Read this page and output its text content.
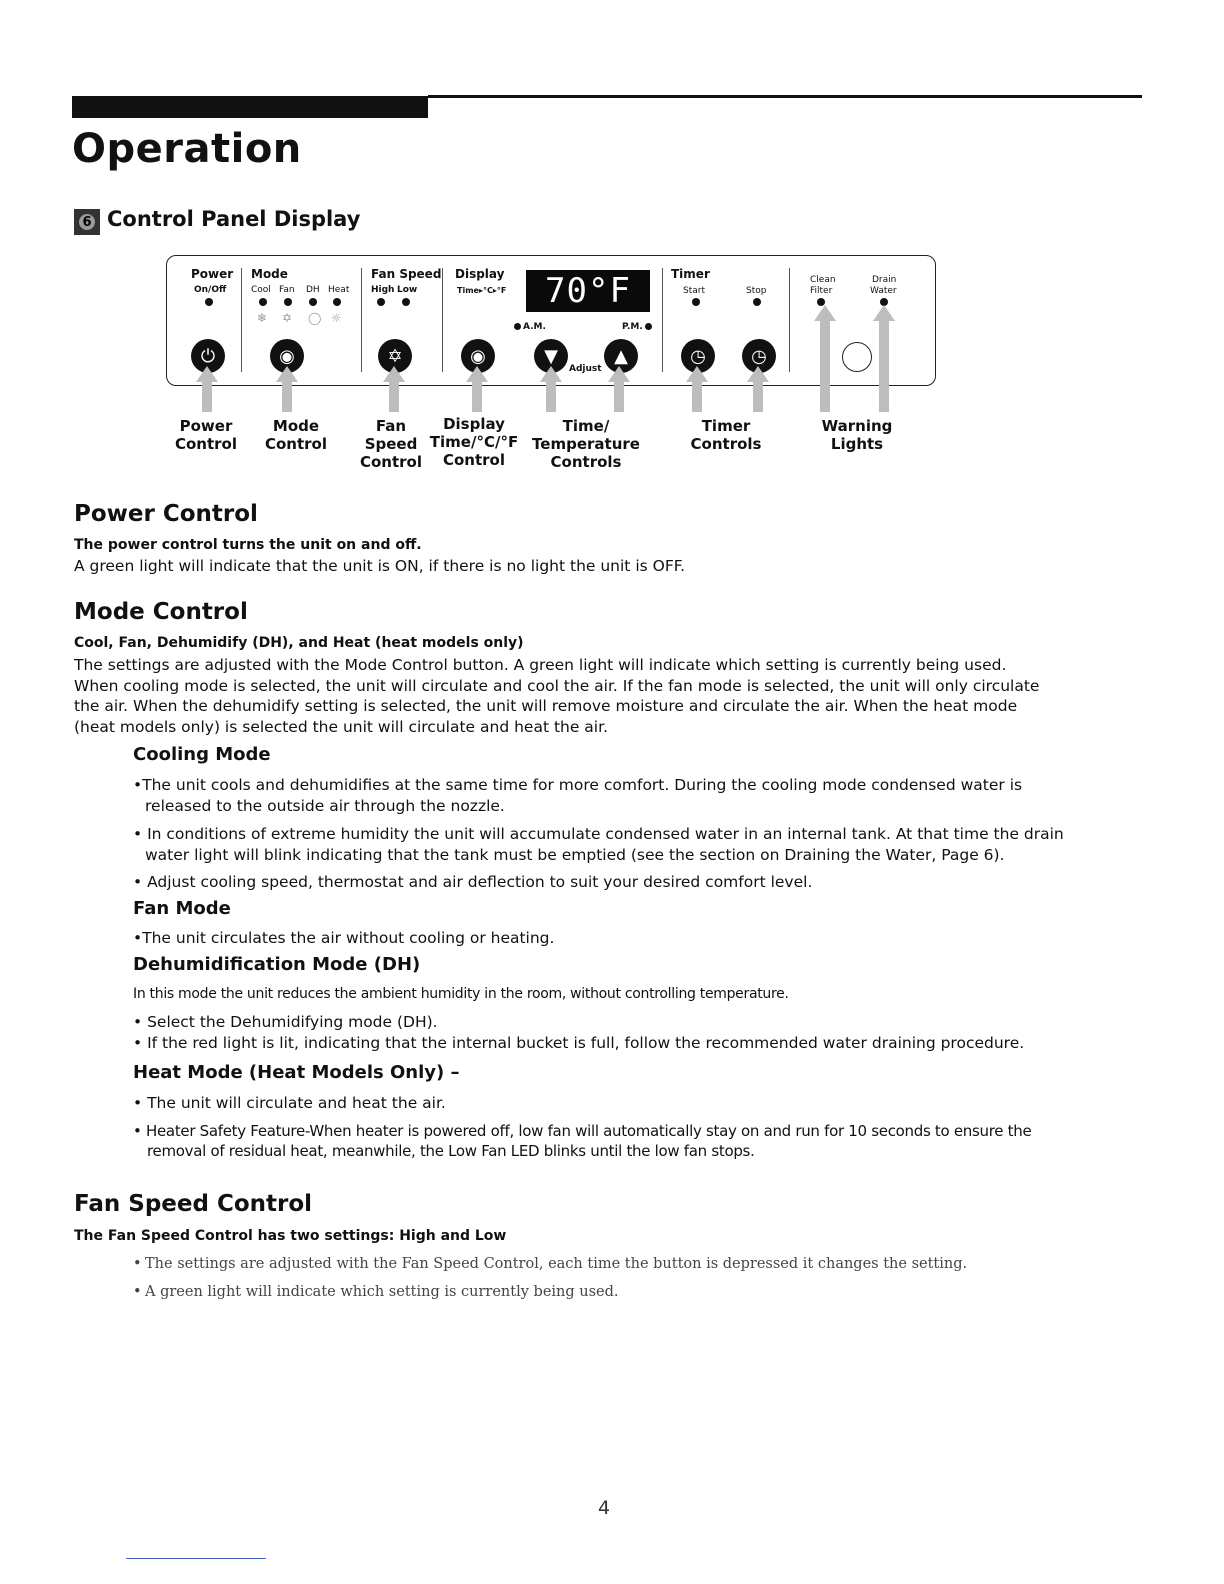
Operation
6 Control Panel Display
Power
On/Off
Mode
Cool Fan DH Heat
❄ ✡ ◯ ☼
Fan Speed
High Low
Display
Time▸°C▸°F	70°F
A.M.	P.M.
Timer
Start	Stop
Clean
Filter
Drain
Water
⏻	◉	✡	◉	▼
Adjust
▲	◷	◷
Power
Control
Mode
Control
Fan
Speed
Control
Display
Time/°C/°F
Control
Time/
Temperature
Controls
Timer
Controls
Warning
Lights
Power Control
The power control turns the unit on and off.
A green light will indicate that the unit is ON, if there is no light the unit is OFF.
Mode Control
Cool, Fan, Dehumidify (DH), and Heat (heat models only)
The settings are adjusted with the Mode Control button. A green light will indicate which setting is currently being used.
When cooling mode is selected, the unit will circulate and cool the air. If the fan mode is selected, the unit will only circulate
the air. When the dehumidify setting is selected, the unit will remove moisture and circulate the air. When the heat mode
(heat models only) is selected the unit will circulate and heat the air.
Cooling Mode
•The unit cools and dehumidifies at the same time for more comfort. During the cooling mode condensed water is
released to the outside air through the nozzle.
• In conditions of extreme humidity the unit will accumulate condensed water in an internal tank. At that time the drain
water light will blink indicating that the tank must be emptied (see the section on Draining the Water, Page 6).
• Adjust cooling speed, thermostat and air deflection to suit your desired comfort level.
Fan Mode
•The unit circulates the air without cooling or heating.
Dehumidification Mode (DH)
In this mode the unit reduces the ambient humidity in the room, without controlling temperature.
• Select the Dehumidifying mode (DH).
• If the red light is lit, indicating that the internal bucket is full, follow the recommended water draining procedure.
Heat Mode (Heat Models Only) –
• The unit will circulate and heat the air.
• Heater Safety Feature-When heater is powered off, low fan will automatically stay on and run for 10 seconds to ensure the
removal of residual heat, meanwhile, the Low Fan LED blinks until the low fan stops.
Fan Speed Control
The Fan Speed Control has two settings: High and Low
• The settings are adjusted with the Fan Speed Control, each time the button is depressed it changes the setting.
• A green light will indicate which setting is currently being used.
4
